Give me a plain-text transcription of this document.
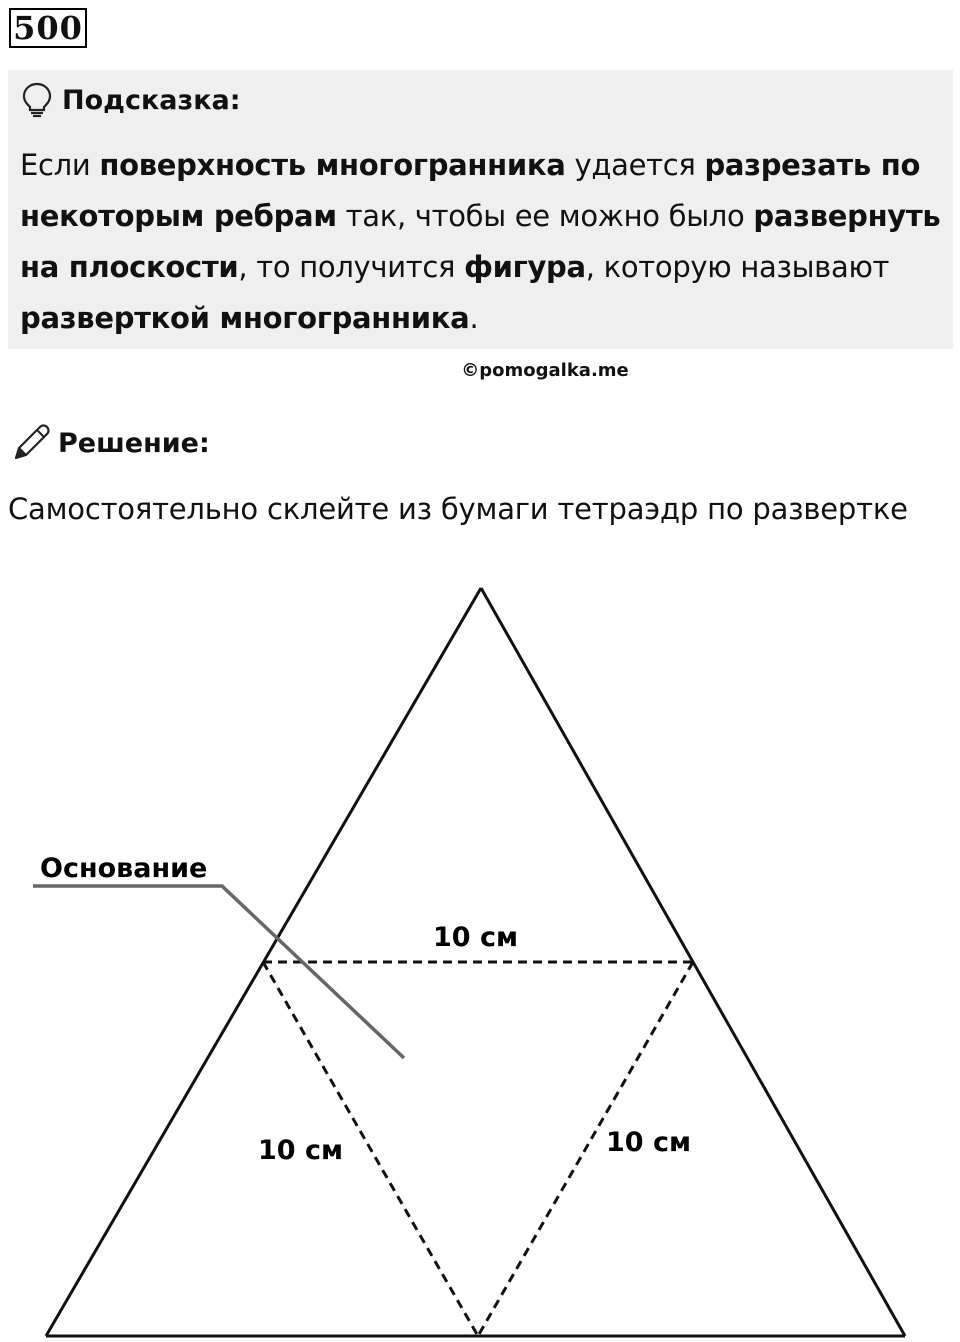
500
Подсказка:
Если поверхность многогранника удается разрезать по некоторым ребрам так, чтобы ее можно было развернуть на плоскости, то получится фигура, которую называют разверткой многогранника.
©pomogalka.me
Решение:
Самостоятельно склейте из бумаги тетраэдр по развертке
Основание
10 см
10 см	10 см
